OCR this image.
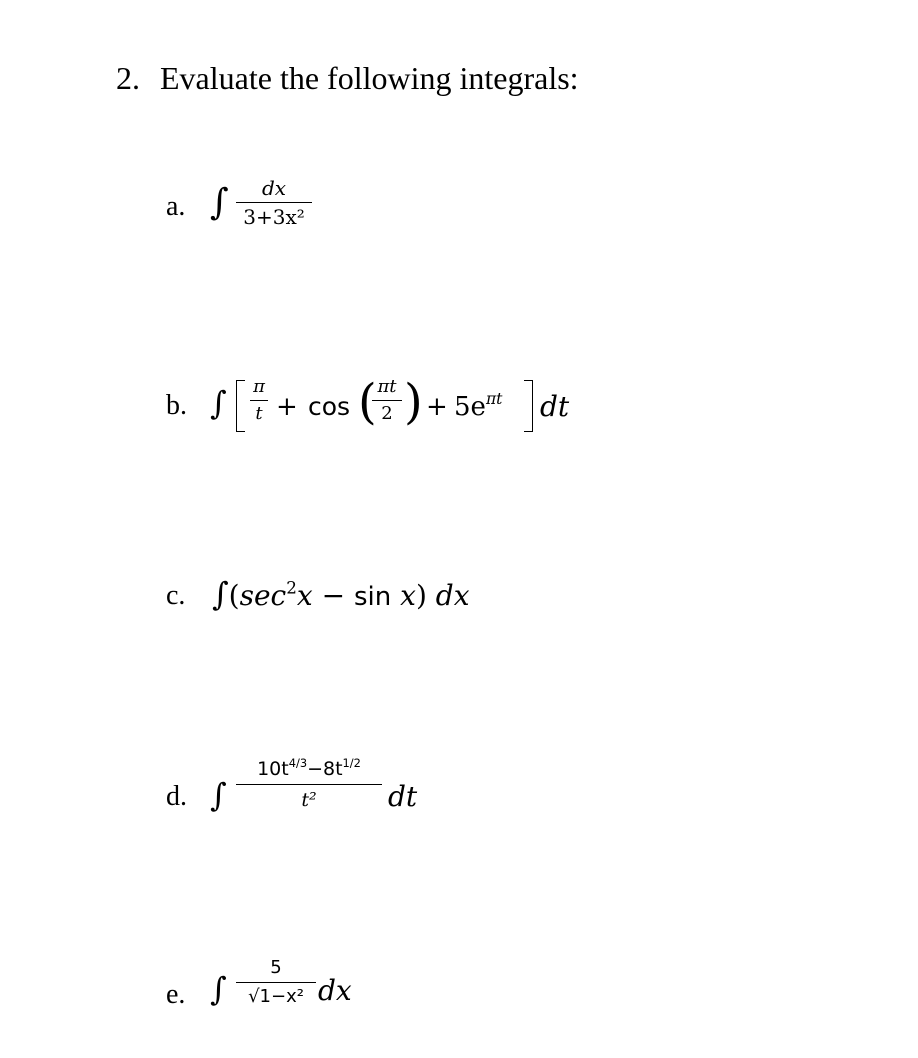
2. Evaluate the following integrals:
a. ∫ $\frac{dx}{\text{3+3x²}}$
b. ∫ $\frac{\pi}{t} + \cos$ (
$\frac{\pi t}{2}$ ) + $5e^{\pi t}$ dt
c. $\int(\sec^2x - \sin x)$ dx
d. ∫ $\frac{10t^{4/3}-8t^{1/2}}{\text{t²}}$ dt
e. ∫ $\frac{5}{\text{√1−x²}}$ dx
